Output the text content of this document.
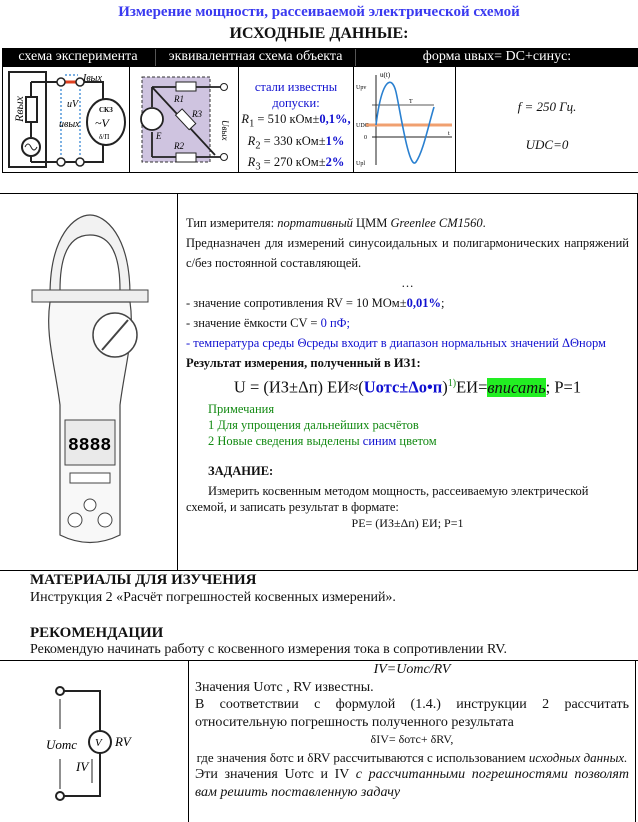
Измерение мощности, рассеиваемой электрической схемой
ИСХОДНЫЕ ДАННЫЕ:
схема эксперимента	эквивалентная схема объекта	форма uвых= DC+синус:
Iвых
uV
uвых
СКЗ
~V
δ/Π
Rвых	R1
R2
R3
E	Uвых
стали известны допуски:
$R_1 = 510$ кОм±0,1%,
$R_2 = 330$ кОм±1%
$R_3 = 270$ кОм±2%
u(t)
Upv
UDC
0
Upl
T
t
f = 250 Гц.
UDC=0
8888
Тип измерителя: портативный ЦММ Greenlee CM1560.
Предназначен для измерений синусоидальных и полигармонических напряжений с/без постоянной составляющей.
…
- значение сопротивления RV = 10 МОм±0,01%;
- значение ёмкости CV = 0 пФ;
- температура среды Θсреды входит в диапазон нормальных значений ΔΘнорм
Результат измерения, полученный в ИЗ1:
U = (ИЗ±Δп) ЕИ≈(Uотс±Δо•п)$^{1)}$ЕИ=вписать; P=1
Примечания
1 Для упрощения дальнейших расчётов
2 Новые сведения выделены синим цветом
ЗАДАНИЕ:
Измерить косвенным методом мощность, рассеиваемую электрической схемой, и записать результат в формате:
PE= (ИЗ±Δп) ЕИ; P=1
МАТЕРИАЛЫ ДЛЯ ИЗУЧЕНИЯ
Инструкция 2 «Расчёт погрешностей косвенных измерений».
РЕКОМЕНДАЦИИ
Рекомендую начинать работу с косвенного измерения тока в сопротивлении RV.
V RV
Uотс
IV
IV=Uотс/RV
Значения Uотс , RV известны.
В соответствии с формулой (1.4.) инструкции 2 рассчитать относительную погрешность полученного результата
δIV= δотс+ δRV,
где значения δотс и δRV рассчитываются с использованием исходных данных.
Эти значения Uотс и IV с рассчитанными погрешностями позволят вам решить поставленную задачу
